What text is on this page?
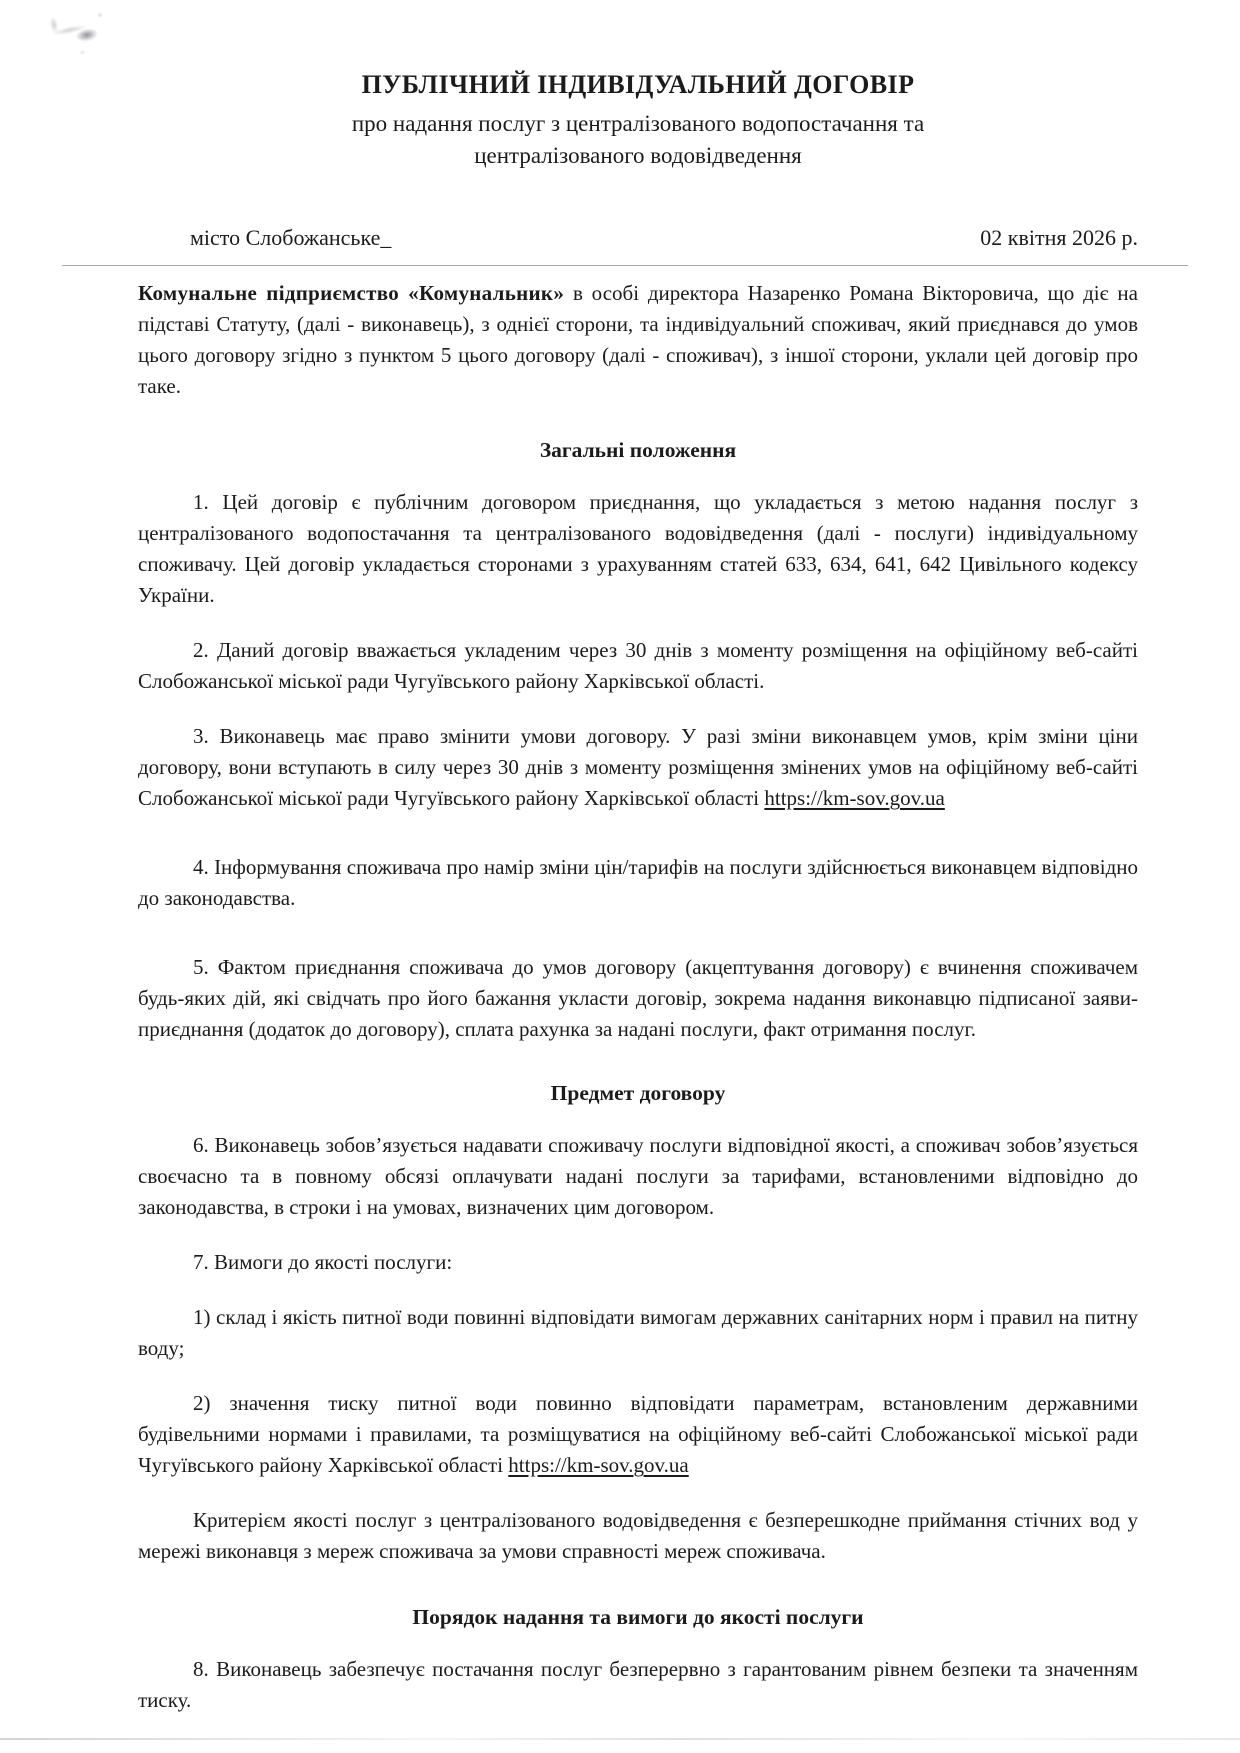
ПУБЛІЧНИЙ ІНДИВІДУАЛЬНИЙ ДОГОВІР
про надання послуг з централізованого водопостачання та
централізованого водовідведення
місто Слобожанське_	02 квітня 2026 р.

Комунальне підприємство «Комунальник» в особі директора Назаренко Романа Вікторовича, що діє на підставі Статуту, (далі - виконавець), з однієї сторони, та індивідуальний споживач, який приєднався до умов цього договору згідно з пунктом 5 цього договору (далі - споживач), з іншої сторони, уклали цей договір про таке.

Загальні положення

1. Цей договір є публічним договором приєднання, що укладається з метою надання послуг з централізованого водопостачання та централізованого водовідведення (далі - послуги) індивідуальному споживачу. Цей договір укладається сторонами з урахуванням статей 633, 634, 641, 642 Цивільного кодексу України.

2. Даний договір вважається укладеним через 30 днів з моменту розміщення на офіційному веб-сайті Слобожанської міської ради Чугуївського району Харківської області.

3. Виконавець має право змінити умови договору. У разі зміни виконавцем умов, крім зміни ціни договору, вони вступають в силу через 30 днів з моменту розміщення змінених умов на офіційному веб-сайті Слобожанської міської ради Чугуївського району Харківської області https://km-sov.gov.ua

4. Інформування споживача про намір зміни цін/тарифів на послуги здійснюється виконавцем відповідно до законодавства.

5. Фактом приєднання споживача до умов договору (акцептування договору) є вчинення споживачем будь-яких дій, які свідчать про його бажання укласти договір, зокрема надання виконавцю підписаної заяви-приєднання (додаток до договору), сплата рахунка за надані послуги, факт отримання послуг.

Предмет договору

6. Виконавець зобов’язується надавати споживачу послуги відповідної якості, а споживач зобов’язується своєчасно та в повному обсязі оплачувати надані послуги за тарифами, встановленими відповідно до законодавства, в строки і на умовах, визначених цим договором.

7. Вимоги до якості послуги:

1) склад і якість питної води повинні відповідати вимогам державних санітарних норм і правил на питну воду;

2) значення тиску питної води повинно відповідати параметрам, встановленим державними будівельними нормами і правилами, та розміщуватися на офіційному веб-сайті Слобожанської міської ради Чугуївського району Харківської області https://km-sov.gov.ua

Критерієм якості послуг з централізованого водовідведення є безперешкодне приймання стічних вод у мережі виконавця з мереж споживача за умови справності мереж споживача.

Порядок надання та вимоги до якості послуги

8. Виконавець забезпечує постачання послуг безперервно з гарантованим рівнем безпеки та значенням тиску.
